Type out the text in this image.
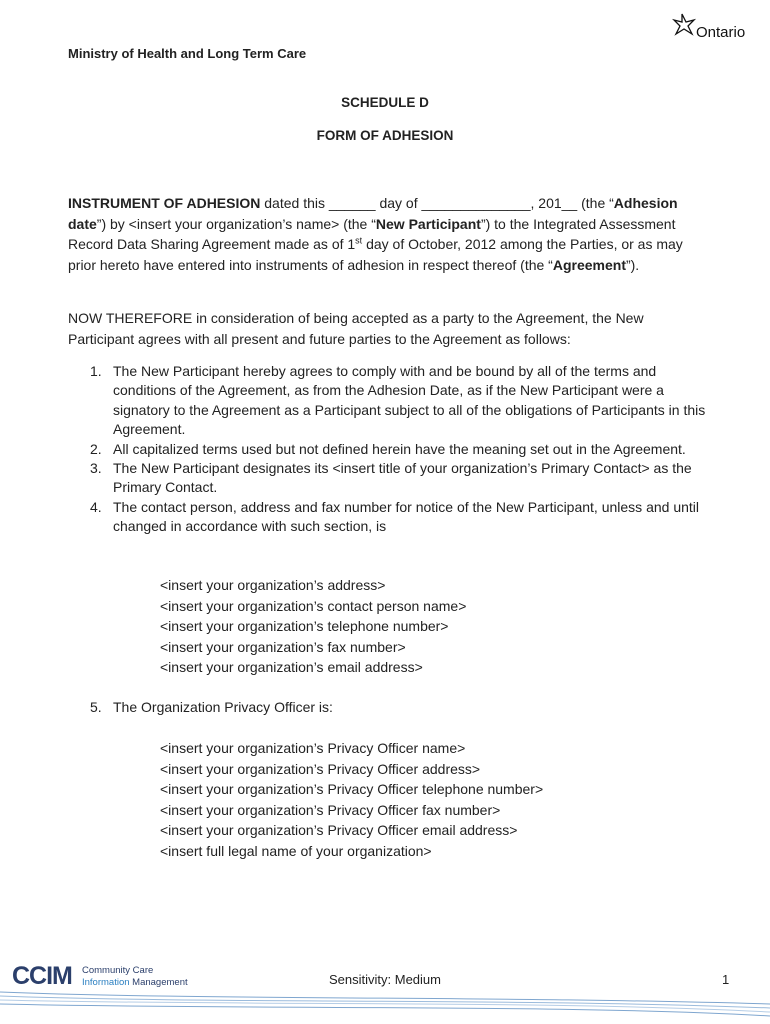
Ontario
Ministry of Health and Long Term Care
SCHEDULE D
FORM OF ADHESION
INSTRUMENT OF ADHESION dated this ______ day of ______________, 201__ (the “Adhesion date”) by <insert your organization’s name> (the “New Participant”) to the Integrated Assessment Record Data Sharing Agreement made as of 1st day of October, 2012 among the Parties, or as may prior hereto have entered into instruments of adhesion in respect thereof (the “Agreement”).
NOW THEREFORE in consideration of being accepted as a party to the Agreement, the New Participant agrees with all present and future parties to the Agreement as follows:
1. The New Participant hereby agrees to comply with and be bound by all of the terms and conditions of the Agreement, as from the Adhesion Date, as if the New Participant were a signatory to the Agreement as a Participant subject to all of the obligations of Participants in this Agreement.
2. All capitalized terms used but not defined herein have the meaning set out in the Agreement.
3. The New Participant designates its <insert title of your organization’s Primary Contact> as the Primary Contact.
4. The contact person, address and fax number for notice of the New Participant, unless and until changed in accordance with such section, is
<insert your organization’s address>
<insert your organization’s contact person name>
<insert your organization’s telephone number>
<insert your organization’s fax number>
<insert your organization’s email address>
5. The Organization Privacy Officer is:
<insert your organization’s Privacy Officer name>
<insert your organization’s Privacy Officer address>
<insert your organization’s Privacy Officer telephone number>
<insert your organization’s Privacy Officer fax number>
<insert your organization’s Privacy Officer email address>
<insert full legal name of your organization>
CCIM Community Care
Information Management	Sensitivity: Medium	1
